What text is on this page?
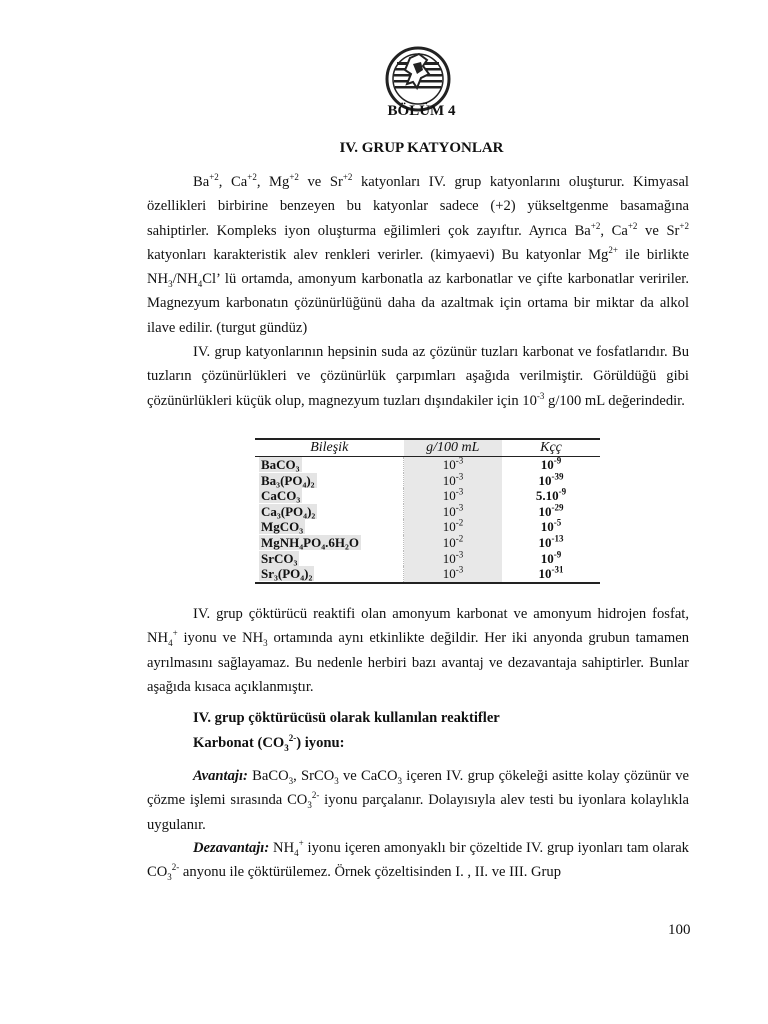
BÖLÜM 4
IV. GRUP KATYONLAR

$Ba^{+2}$, $Ca^{+2}$, $Mg^{+2}$ ve $Sr^{+2}$ katyonları IV. grup katyonlarını oluşturur. Kimyasal özellikleri birbirine benzeyen bu katyonlar sadece (+2) yükseltgenme basamağına sahiptirler. Kompleks iyon oluşturma eğilimleri çok zayıftır. Ayrıca $Ba^{+2}$, $Ca^{+2}$ ve $Sr^{+2}$ katyonları karakteristik alev renkleri verirler. (kimyaevi) Bu katyonlar $Mg^{2+}$ ile birlikte $NH_3/NH_4Cl$’ lü ortamda, amonyum karbonatla az karbonatlar ve çifte karbonatlar veririler. Magnezyum karbonatın çözünürlüğünü daha da azaltmak için ortama bir miktar da alkol ilave edilir. (turgut gündüz)

IV. grup katyonlarının hepsinin suda az çözünür tuzları karbonat ve fosfatlarıdır. Bu tuzların çözünürlükleri ve çözünürlük çarpımları aşağıda verilmiştir. Görüldüğü gibi çözünürlükleri küçük olup, magnezyum tuzları dışındakiler için $10^{-3}$ g/100 mL değerindedir.

Bileşik	g/100 mL	Kçç
BaCO₃	$10^{-3}$	$10^{-9}$
Ba₃(PO₄)₂	$10^{-3}$	$10^{-39}$
CaCO₃	$10^{-3}$	$5.10^{-9}$
Ca₃(PO₄)₂	$10^{-3}$	$10^{-29}$
MgCO₃	$10^{-2}$	$10^{-5}$
MgNH₄PO₄.6H₂O	$10^{-2}$	$10^{-13}$
SrCO₃	$10^{-3}$	$10^{-9}$
Sr₃(PO₄)₂	$10^{-3}$	$10^{-31}$

IV. grup çöktürücü reaktifi olan amonyum karbonat ve amonyum hidrojen fosfat, $NH_4^+$ iyonu ve $NH_3$ ortamında aynı etkinlikte değildir. Her iki anyonda grubun tamamen ayrılmasını sağlayamaz. Bu nedenle herbiri bazı avantaj ve dezavantaja sahiptirler. Bunlar aşağıda kısaca açıklanmıştır.

IV. grup çöktürücüsü olarak kullanılan reaktifler
Karbonat $(CO_3^{2-})$ iyonu:

Avantajı: BaCO$_3$, SrCO$_3$ ve CaCO$_3$ içeren IV. grup çökeleği asitte kolay çözünür ve çözme işlemi sırasında $CO_3^{2-}$ iyonu parçalanır. Dolayısıyla alev testi bu iyonlara kolaylıkla uygulanır.

Dezavantajı: $NH_4^+$ iyonu içeren amonyaklı bir çözeltide IV. grup iyonları tam olarak $CO_3^{2-}$ anyonu ile çöktürülemez. Örnek çözeltisinden I. , II. ve III. Grup

100
